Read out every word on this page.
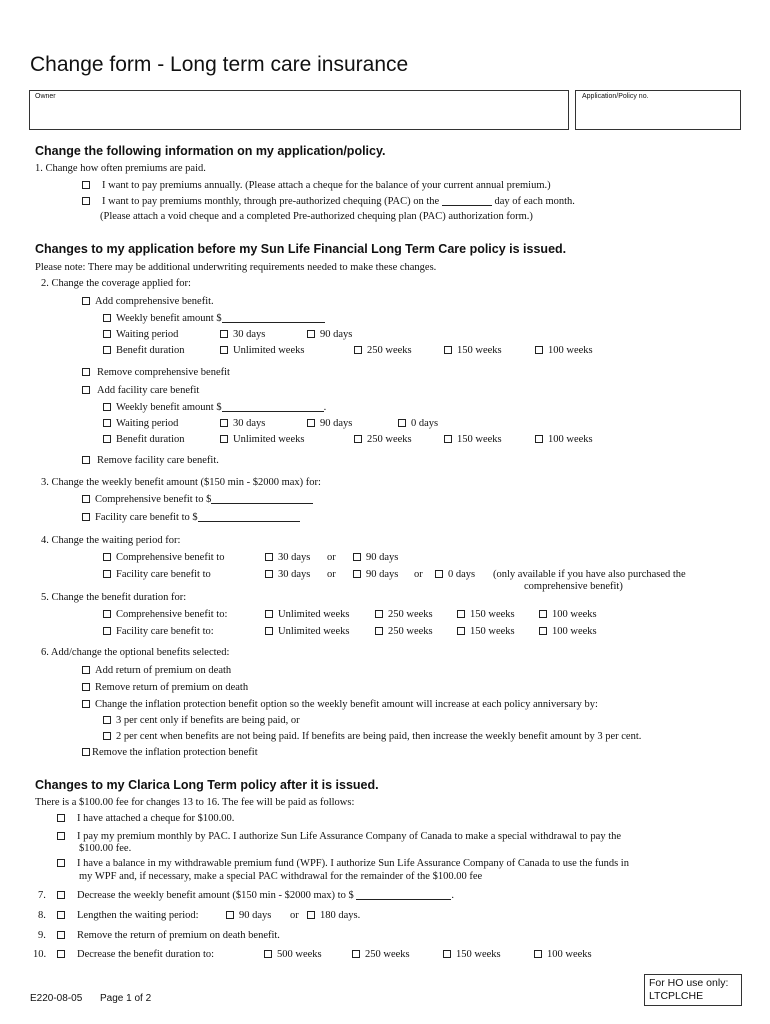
Change form - Long term care insurance
Owner	Application/Policy no.
Change the following information on my application/policy.
1. Change how often premiums are paid.
I want to pay premiums annually. (Please attach a cheque for the balance of your current annual premium.)
I want to pay premiums monthly, through pre-authorized chequing (PAC) on the	day of each month.
(Please attach a void cheque and a completed Pre-authorized chequing plan (PAC) authorization form.)
Changes to my application before my Sun Life Financial Long Term Care policy is issued.
Please note: There may be additional underwriting requirements needed to make these changes.
2. Change the coverage applied for:
Add comprehensive benefit.
Weekly benefit amount $
Waiting period	30 days	90 days
Benefit duration	Unlimited weeks	250 weeks	150 weeks	100 weeks
Remove comprehensive benefit
Add facility care benefit
Weekly benefit amount $	.
Waiting period	30 days	90 days	0 days
Benefit duration	Unlimited weeks	250 weeks	150 weeks	100 weeks
Remove facility care benefit.
3. Change the weekly benefit amount ($150 min - $2000 max) for:
Comprehensive benefit to $
Facility care benefit to $
4. Change the waiting period for:
Comprehensive benefit to	30 days or	90 days
Facility care benefit to	30 days or	90 days or	0 days (only available if you have also purchased the
comprehensive benefit)
5. Change the benefit duration for:
Comprehensive benefit to:	Unlimited weeks	250 weeks	150 weeks	100 weeks
Facility care benefit to:	Unlimited weeks	250 weeks	150 weeks	100 weeks
6. Add/change the optional benefits selected:
Add return of premium on death
Remove return of premium on death
Change the inflation protection benefit option so the weekly benefit amount will increase at each policy anniversary by:
3 per cent only if benefits are being paid, or
2 per cent when benefits are not being paid. If benefits are being paid, then increase the weekly benefit amount by 3 per cent.
Remove the inflation protection benefit
Changes to my Clarica Long Term policy after it is issued.
There is a $100.00 fee for changes 13 to 16. The fee will be paid as follows:
I have attached a cheque for $100.00.
I pay my premium monthly by PAC. I authorize Sun Life Assurance Company of Canada to make a special withdrawal to pay the
$100.00 fee.
I have a balance in my withdrawable premium fund (WPF). I authorize Sun Life Assurance Company of Canada to use the funds in
my WPF and, if necessary, make a special PAC withdrawal for the remainder of the $100.00 fee
7.	Decrease the weekly benefit amount ($150 min - $2000 max) to $	.
8.	Lengthen the waiting period:	90 days or	180 days.
9.	Remove the return of premium on death benefit.
10.	Decrease the benefit duration to:	500 weeks	250 weeks	150 weeks	100 weeks
E220-08-05 Page 1 of 2
For HO use only:
LTCPLCHE
